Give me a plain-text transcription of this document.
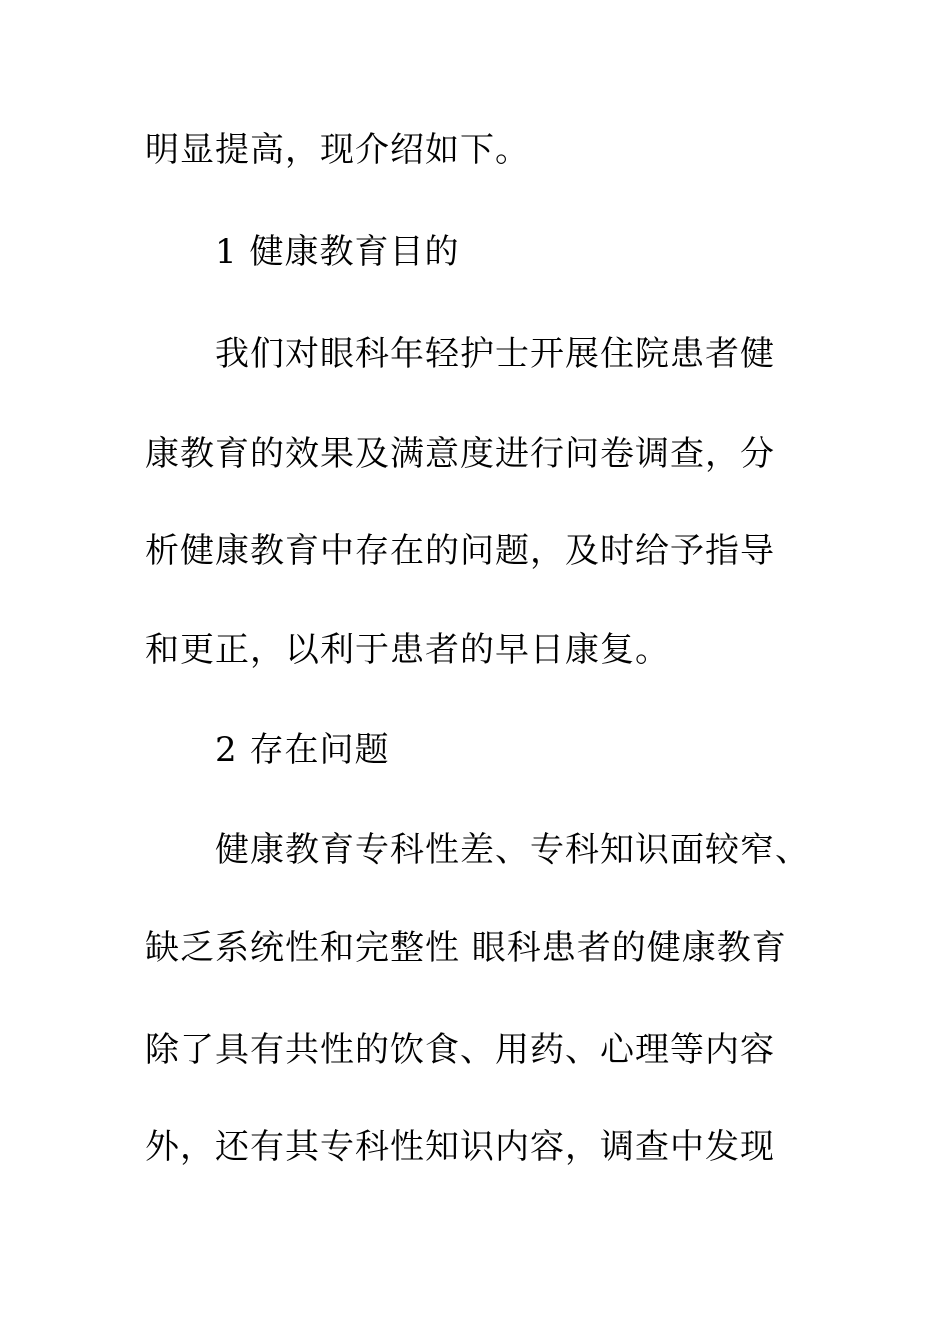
明显提高，现介绍如下。
1 健康教育目的
我们对眼科年轻护士开展住院患者健
康教育的效果及满意度进行问卷调查，分
析健康教育中存在的问题，及时给予指导
和更正，以利于患者的早日康复。
2 存在问题
健康教育专科性差、专科知识面较窄、
缺乏系统性和完整性 眼科患者的健康教育
除了具有共性的饮食、用药、心理等内容
外，还有其专科性知识内容，调查中发现
